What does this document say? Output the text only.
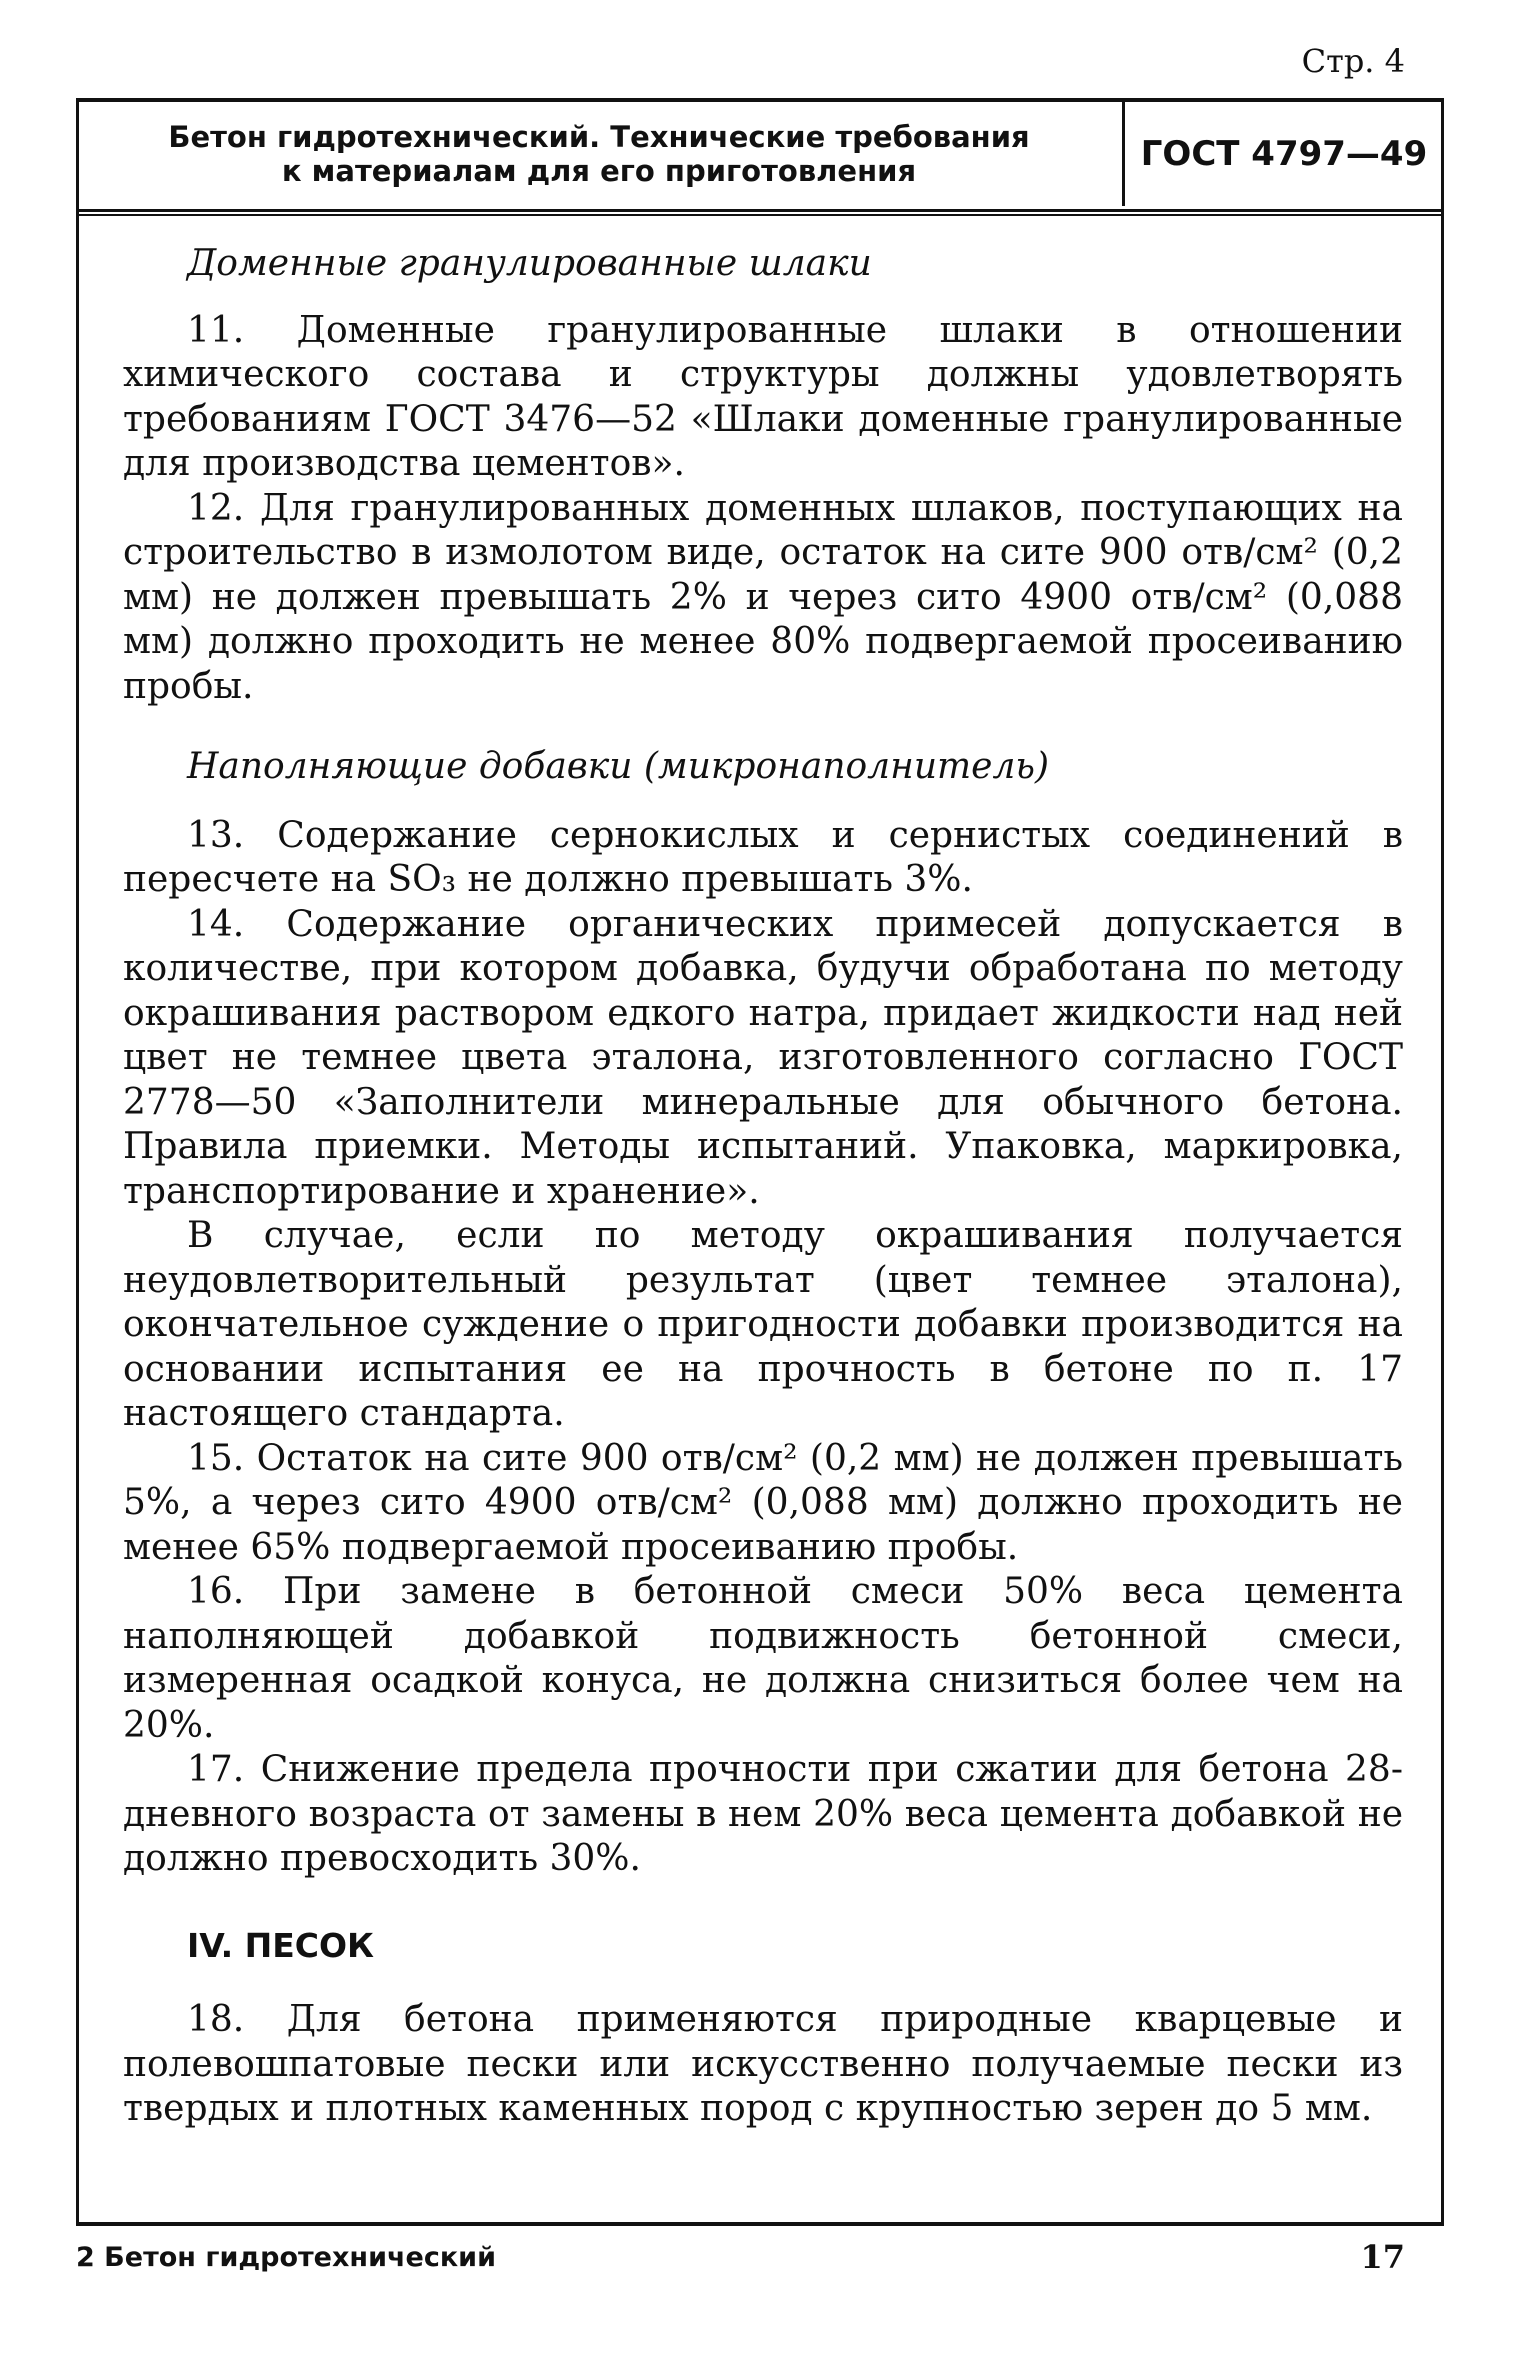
Стр. 4
Бетон гидротехнический. Технические требования
к материалам для его приготовления	ГОСТ 4797—49

Доменные гранулированные шлаки

11. Доменные гранулированные шлаки в отношении химического состава и структуры должны удовлетворять требованиям ГОСТ 3476—52 «Шлаки доменные гранулированные для производства цементов».

12. Для гранулированных доменных шлаков, поступающих на строительство в измолотом виде, остаток на сите 900 отв/см² (0,2 мм) не должен превышать 2% и через сито 4900 отв/см² (0,088 мм) должно проходить не менее 80% подвергаемой просеиванию пробы.

Наполняющие добавки (микронаполнитель)

13. Содержание сернокислых и сернистых соединений в пересчете на SO₃ не должно превышать 3%.

14. Содержание органических примесей допускается в количестве, при котором добавка, будучи обработана по методу окрашивания раствором едкого натра, придает жидкости над ней цвет не темнее цвета эталона, изготовленного согласно ГОСТ 2778—50 «Заполнители минеральные для обычного бетона. Правила приемки. Методы испытаний. Упаковка, маркировка, транспортирование и хранение».

В случае, если по методу окрашивания получается неудовлетворительный результат (цвет темнее эталона), окончательное суждение о пригодности добавки производится на основании испытания ее на прочность в бетоне по п. 17 настоящего стандарта.

15. Остаток на сите 900 отв/см² (0,2 мм) не должен превышать 5%, а через сито 4900 отв/см² (0,088 мм) должно проходить не менее 65% подвергаемой просеиванию пробы.

16. При замене в бетонной смеси 50% веса цемента наполняющей добавкой подвижность бетонной смеси, измеренная осадкой конуса, не должна снизиться более чем на 20%.

17. Снижение предела прочности при сжатии для бетона 28-дневного возраста от замены в нем 20% веса цемента добавкой не должно превосходить 30%.

IV. ПЕСОК

18. Для бетона применяются природные кварцевые и полевошпатовые пески или искусственно получаемые пески из твердых и плотных каменных пород с крупностью зерен до 5 мм.

2 Бетон гидротехнический	17
